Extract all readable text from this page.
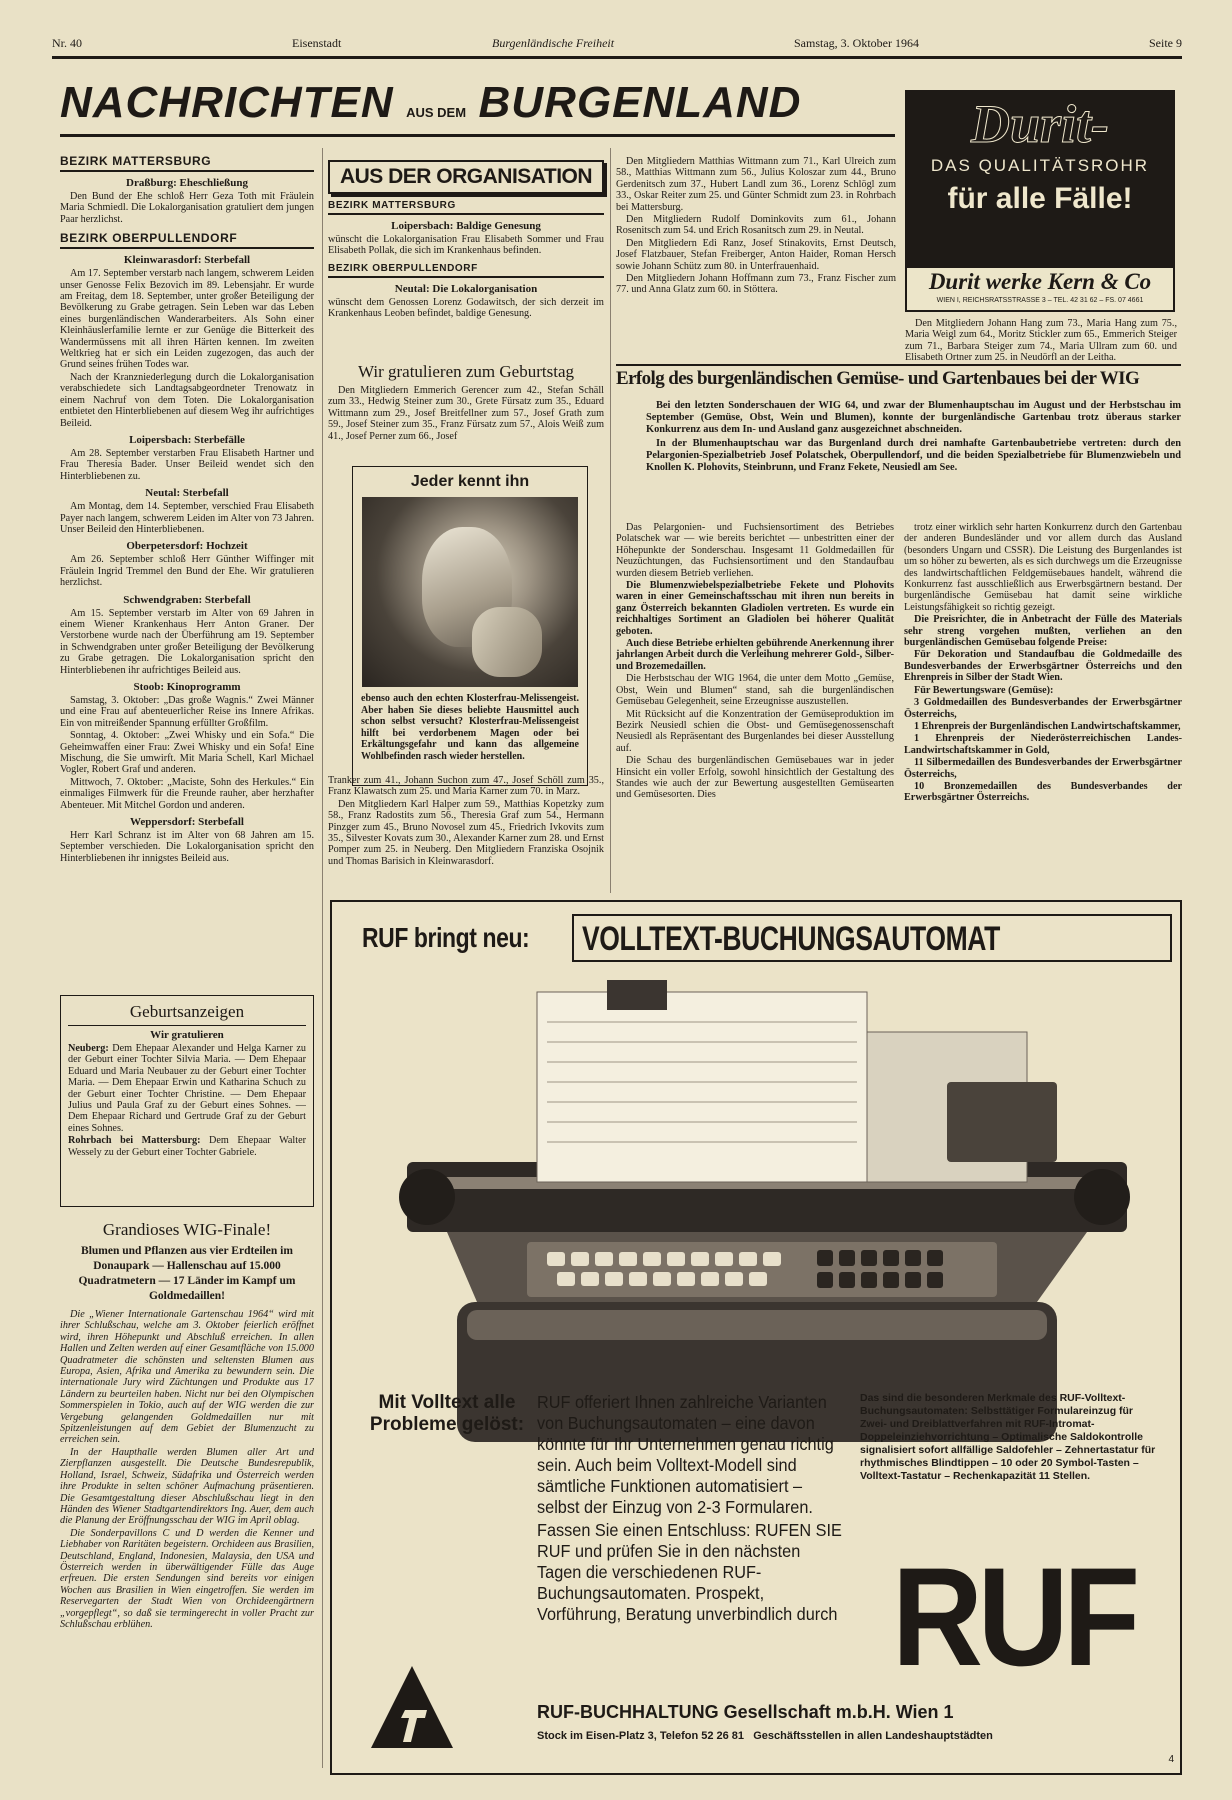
Nr. 40	Eisenstadt	Burgenländische Freiheit	Samstag, 3. Oktober 1964	Seite 9
NACHRICHTEN AUS DEM BURGENLAND	Durit-
DAS QUALITÄTSROHR
für alle Fälle!
Durit werke Kern & Co
WIEN I, REICHSRATSSTRASSE 3 – TEL. 42 31 62 – FS. 07 4661
BEZIRK MATTERSBURG
Draßburg: Eheschließung

Den Bund der Ehe schloß Herr Geza Toth mit Fräulein Maria Schmiedl. Die Lokalorganisation gratuliert dem jungen Paar herzlichst.

BEZIRK OBERPULLENDORF
Kleinwarasdorf: Sterbefall

Am 17. September verstarb nach langem, schwerem Leiden unser Genosse Felix Bezovich im 89. Lebensjahr. Er wurde am Freitag, dem 18. September, unter großer Beteiligung der Bevölkerung zu Grabe getragen. Sein Leben war das Leben eines burgenländischen Wanderarbeiters. Als Sohn einer Kleinhäuslerfamilie lernte er zur Genüge die Bitterkeit des Wandermüssens mit all ihren Härten kennen. Im zweiten Weltkrieg hat er sich ein Leiden zugezogen, das auch der Grund seines frühen Todes war.

Nach der Kranzniederlegung durch die Lokalorganisation verabschiedete sich Landtagsabgeordneter Trenowatz in einem Nachruf von dem Toten. Die Lokalorganisation entbietet den Hinterbliebenen auf diesem Weg ihr aufrichtiges Beileid.

Loipersbach: Sterbefälle

Am 28. September verstarben Frau Elisabeth Hartner und Frau Theresia Bader. Unser Beileid wendet sich den Hinterbliebenen zu.

Neutal: Sterbefall

Am Montag, dem 14. September, verschied Frau Elisabeth Payer nach langem, schwerem Leiden im Alter von 73 Jahren. Unser Beileid den Hinterbliebenen.

Oberpetersdorf: Hochzeit

Am 26. September schloß Herr Günther Wiffinger mit Fräulein Ingrid Tremmel den Bund der Ehe. Wir gratulieren herzlichst.

Schwendgraben: Sterbefall

Am 15. September verstarb im Alter von 69 Jahren in einem Wiener Krankenhaus Herr Anton Graner. Der Verstorbene wurde nach der Überführung am 19. September in Schwendgraben unter großer Beteiligung der Bevölkerung zu Grabe getragen. Die Lokalorganisation spricht den Hinterbliebenen ihr aufrichtiges Beileid aus.

Stoob: Kinoprogramm

Samstag, 3. Oktober: „Das große Wagnis.“ Zwei Männer und eine Frau auf abenteuerlicher Reise ins Innere Afrikas. Ein von mitreißender Spannung erfüllter Großfilm.

Sonntag, 4. Oktober: „Zwei Whisky und ein Sofa.“ Die Geheimwaffen einer Frau: Zwei Whisky und ein Sofa! Eine Mischung, die Sie umwirft. Mit Maria Schell, Karl Michael Vogler, Robert Graf und anderen.

Mittwoch, 7. Oktober: „Maciste, Sohn des Herkules.“ Ein einmaliges Filmwerk für die Freunde rauher, aber herzhafter Abenteuer. Mit Mitchel Gordon und anderen.

Weppersdorf: Sterbefall

Herr Karl Schranz ist im Alter von 68 Jahren am 15. September verschieden. Die Lokalorganisation spricht den Hinterbliebenen ihr innigstes Beileid aus.

Geburtsanzeigen
Wir gratulieren

Neuberg: Dem Ehepaar Alexander und Helga Karner zu der Geburt einer Tochter Silvia Maria. — Dem Ehepaar Eduard und Maria Neubauer zu der Geburt einer Tochter Maria. — Dem Ehepaar Erwin und Katharina Schuch zu der Geburt einer Tochter Christine. — Dem Ehepaar Julius und Paula Graf zu der Geburt eines Sohnes. — Dem Ehepaar Richard und Gertrude Graf zu der Geburt eines Sohnes.

Rohrbach bei Mattersburg: Dem Ehepaar Walter Wessely zu der Geburt einer Tochter Gabriele.

Grandioses WIG-Finale!
Blumen und Pflanzen aus vier Erdteilen im Donaupark — Hallenschau auf 15.000 Quadratmetern — 17 Länder im Kampf um Goldmedaillen!

Die „Wiener Internationale Gartenschau 1964“ wird mit ihrer Schlußschau, welche am 3. Oktober feierlich eröffnet wird, ihren Höhepunkt und Abschluß erreichen. In allen Hallen und Zelten werden auf einer Gesamtfläche von 15.000 Quadratmeter die schönsten und seltensten Blumen aus Europa, Asien, Afrika und Amerika zu bewundern sein. Die internationale Jury wird Züchtungen und Produkte aus 17 Ländern zu beurteilen haben. Nicht nur bei den Olympischen Sommerspielen in Tokio, auch auf der WIG werden die zur Vergebung gelangenden Goldmedaillen nur mit Spitzenleistungen auf dem Gebiet der Blumenzucht zu erreichen sein.

In der Haupthalle werden Blumen aller Art und Zierpflanzen ausgestellt. Die Deutsche Bundesrepublik, Holland, Israel, Schweiz, Südafrika und Österreich werden ihre Produkte in selten schöner Aufmachung präsentieren. Die Gesamtgestaltung dieser Abschlußschau liegt in den Händen des Wiener Stadtgartendirektors Ing. Auer, dem auch die Planung der Eröffnungsschau der WIG im April oblag.

Die Sonderpavillons C und D werden die Kenner und Liebhaber von Raritäten begeistern. Orchideen aus Brasilien, Deutschland, England, Indonesien, Malaysia, den USA und Österreich werden in überwältigender Fülle das Auge erfreuen. Die ersten Sendungen sind bereits vor einigen Wochen aus Brasilien in Wien eingetroffen. Sie werden im Reservegarten der Stadt Wien von Orchideengärtnern „vorgepflegt“, so daß sie termingerecht in voller Pracht zur Schlußschau erblühen.

AUS DER ORGANISATION
BEZIRK MATTERSBURG
Loipersbach: Baldige Genesung

wünscht die Lokalorganisation Frau Elisabeth Sommer und Frau Elisabeth Pollak, die sich im Krankenhaus befinden.

BEZIRK OBERPULLENDORF
Neutal: Die Lokalorganisation

wünscht dem Genossen Lorenz Godawitsch, der sich derzeit im Krankenhaus Leoben befindet, baldige Genesung.

Wir gratulieren zum Geburtstag

Den Mitgliedern Emmerich Gerencer zum 42., Stefan Schäll zum 33., Hedwig Steiner zum 30., Grete Fürsatz zum 35., Eduard Wittmann zum 29., Josef Breitfellner zum 57., Josef Grath zum 59., Josef Steiner zum 35., Franz Fürsatz zum 57., Alois Weiß zum 41., Josef Perner zum 66., Josef

Jeder kennt ihn

ebenso auch den echten Klosterfrau-Melissengeist. Aber haben Sie dieses beliebte Hausmittel auch schon selbst versucht? Klosterfrau-Melissengeist hilft bei verdorbenem Magen oder bei Erkältungsgefahr und kann das allgemeine Wohlbefinden rasch wieder herstellen.

Tranker zum 41., Johann Suchon zum 47., Josef Schöll zum 35., Franz Klawatsch zum 25. und Maria Karner zum 70. in Marz.

Den Mitgliedern Karl Halper zum 59., Matthias Kopetzky zum 58., Franz Radostits zum 56., Theresia Graf zum 54., Hermann Pinzger zum 45., Bruno Novosel zum 45., Friedrich Ivkovits zum 35., Silvester Kovats zum 30., Alexander Karner zum 28. und Ernst Pomper zum 25. in Neuberg. Den Mitgliedern Franziska Osojnik und Thomas Barisich in Kleinwarasdorf.

Den Mitgliedern Matthias Wittmann zum 71., Karl Ulreich zum 58., Matthias Wittmann zum 56., Julius Koloszar zum 44., Bruno Gerdenitsch zum 37., Hubert Landl zum 36., Lorenz Schlögl zum 33., Oskar Reiter zum 25. und Günter Schmidt zum 23. in Rohrbach bei Mattersburg.

Den Mitgliedern Rudolf Dominkovits zum 61., Johann Rosenitsch zum 54. und Erich Rosanitsch zum 29. in Neutal.

Den Mitgliedern Edi Ranz, Josef Stinakovits, Ernst Deutsch, Josef Flatzbauer, Stefan Freiberger, Anton Haider, Roman Hersch sowie Johann Schütz zum 80. in Unterfrauenhaid.

Den Mitgliedern Johann Hoffmann zum 73., Franz Fischer zum 77. und Anna Glatz zum 60. in Stöttera.

Den Mitgliedern Johann Hang zum 73., Maria Hang zum 75., Maria Weigl zum 64., Moritz Stickler zum 65., Emmerich Steiger zum 71., Barbara Steiger zum 74., Maria Ullram zum 60. und Elisabeth Ortner zum 25. in Neudörfl an der Leitha.

Erfolg des burgenländischen Gemüse- und Gartenbaues bei der WIG

Bei den letzten Sonderschauen der WIG 64, und zwar der Blumenhauptschau im August und der Herbstschau im September (Gemüse, Obst, Wein und Blumen), konnte der burgenländische Gartenbau trotz überaus starker Konkurrenz aus dem In- und Ausland ganz ausgezeichnet abschneiden.

In der Blumenhauptschau war das Burgenland durch drei namhafte Gartenbaubetriebe vertreten: durch den Pelargonien-Spezialbetrieb Josef Polatschek, Oberpullendorf, und die beiden Spezialbetriebe für Blumenzwiebeln und Knollen K. Plohovits, Steinbrunn, und Franz Fekete, Neusiedl am See.

Das Pelargonien- und Fuchsiensortiment des Betriebes Polatschek war — wie bereits berichtet — unbestritten einer der Höhepunkte der Sonderschau. Insgesamt 11 Goldmedaillen für Neuzüchtungen, das Fuchsiensortiment und den Standaufbau wurden diesem Betrieb verliehen.

Die Blumenzwiebelspezialbetriebe Fekete und Plohovits waren in einer Gemeinschaftsschau mit ihren nun bereits in ganz Österreich bekannten Gladiolen vertreten. Es wurde ein reichhaltiges Sortiment an Gladiolen bei höherer Qualität geboten.

Auch diese Betriebe erhielten gebührende Anerkennung ihrer jahrlangen Arbeit durch die Verleihung mehrerer Gold-, Silber- und Brozemedaillen.

Die Herbstschau der WIG 1964, die unter dem Motto „Gemüse, Obst, Wein und Blumen“ stand, sah die burgenländischen Gemüsebau Gelegenheit, seine Erzeugnisse auszustellen.

Mit Rücksicht auf die Konzentration der Gemüseproduktion im Bezirk Neusiedl schien die Obst- und Gemüsegenossenschaft Neusiedl als Repräsentant des Burgenlandes bei dieser Ausstellung auf.

Die Schau des burgenländischen Gemüsebaues war in jeder Hinsicht ein voller Erfolg, sowohl hinsichtlich der Gestaltung des Standes wie auch der zur Bewertung ausgestellten Gemüsearten und Gemüsesorten. Dies

trotz einer wirklich sehr harten Konkurrenz durch den Gartenbau der anderen Bundesländer und vor allem durch das Ausland (besonders Ungarn und CSSR). Die Leistung des Burgenlandes ist um so höher zu bewerten, als es sich durchwegs um die Erzeugnisse des landwirtschaftlichen Feldgemüsebaues handelt, während die Konkurrenz fast ausschließlich aus Erwerbsgärtnern bestand. Der burgenländische Gemüsebau hat damit seine wirkliche Leistungsfähigkeit so richtig gezeigt.

Die Preisrichter, die in Anbetracht der Fülle des Materials sehr streng vorgehen mußten, verliehen an den burgenländischen Gemüsebau folgende Preise:

Für Dekoration und Standaufbau die Goldmedaille des Bundesverbandes der Erwerbsgärtner Österreichs und den Ehrenpreis in Silber der Stadt Wien.

Für Bewertungsware (Gemüse):

3 Goldmedaillen des Bundesverbandes der Erwerbsgärtner Österreichs,

1 Ehrenpreis der Burgenländischen Landwirtschaftskammer,

1 Ehrenpreis der Niederösterreichischen Landes-Landwirtschaftskammer in Gold,

11 Silbermedaillen des Bundesverbandes der Erwerbsgärtner Österreichs,

10 Bronzemedaillen des Bundesverbandes der Erwerbsgärtner Österreichs.

RUF bringt neu: VOLLTEXT-BUCHUNGSAUTOMAT
Mit Volltext alle Probleme gelöst:
RUF offeriert Ihnen zahlreiche Varianten von Buchungsautomaten – eine davon könnte für Ihr Unternehmen genau richtig sein. Auch beim Volltext-Modell sind sämtliche Funktionen automatisiert – selbst der Einzug von 2-3 Formularen.
Fassen Sie einen Entschluss: RUFEN SIE RUF und prüfen Sie in den nächsten Tagen die verschiedenen RUF-Buchungsautomaten. Prospekt, Vorführung, Beratung unverbindlich durch
Das sind die besonderen Merkmale des RUF-Volltext-Buchungsautomaten: Selbsttätiger Formulareinzug für Zwei- und Dreiblattverfahren mit RUF-Intromat-Doppeleinziehvorrichtung – Optimalische Saldokontrolle signalisiert sofort allfällige Saldofehler – Zehnertastatur für rhythmisches Blindtippen – 10 oder 20 Symbol-Tasten – Volltext-Tastatur – Rechenkapazität 11 Stellen.
RUF
RUF-BUCHHALTUNG Gesellschaft m.b.H. Wien 1
Stock im Eisen-Platz 3, Telefon 52 26 81   Geschäftsstellen in allen Landeshauptstädten
4
